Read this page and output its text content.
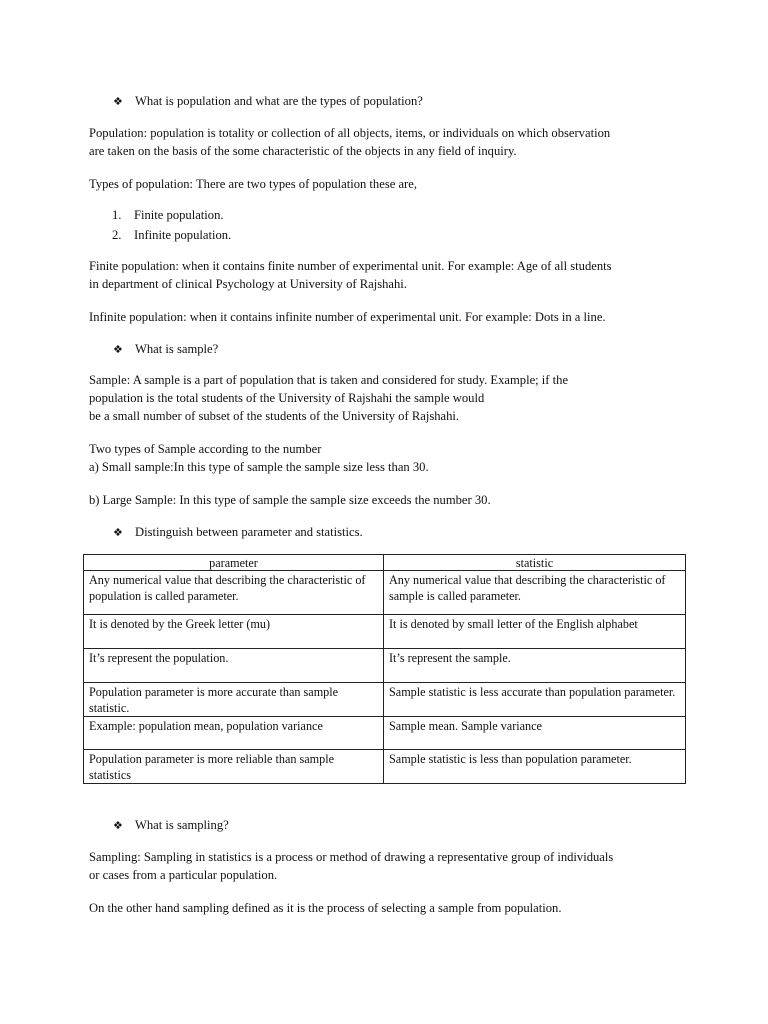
❖ What is population and what are the types of population?

Population: population is totality or collection of all objects, items, or individuals on which observation
are taken on the basis of the some characteristic of the objects in any field of inquiry.

Types of population: There are two types of population these are,

1. Finite population.
2. Infinite population.

Finite population: when it contains finite number of experimental unit. For example: Age of all students
in department of clinical Psychology at University of Rajshahi.

Infinite population: when it contains infinite number of experimental unit. For example: Dots in a line.

❖ What is sample?

Sample: A sample is a part of population that is taken and considered for study. Example; if the
population is the total students of the University of Rajshahi the sample would
be a small number of subset of the students of the University of Rajshahi.

Two types of Sample according to the number
a) Small sample:In this type of sample the sample size less than 30.

b) Large Sample: In this type of sample the sample size exceeds the number 30.

❖ Distinguish between parameter and statistics.
parameter	statistic
Any numerical value that describing the characteristic of population is called parameter.	Any numerical value that describing the characteristic of sample is called parameter.
It is denoted by the Greek letter (mu)	It is denoted by small letter of the English alphabet
It’s represent the population.	It’s represent the sample.
Population parameter is more accurate than sample statistic.	Sample statistic is less accurate than population parameter.
Example: population mean, population variance	Sample mean. Sample variance
Population parameter is more reliable than sample statistics	Sample statistic is less than population parameter.
❖ What is sampling?

Sampling: Sampling in statistics is a process or method of drawing a representative group of individuals
or cases from a particular population.

On the other hand sampling defined as it is the process of selecting a sample from population.
